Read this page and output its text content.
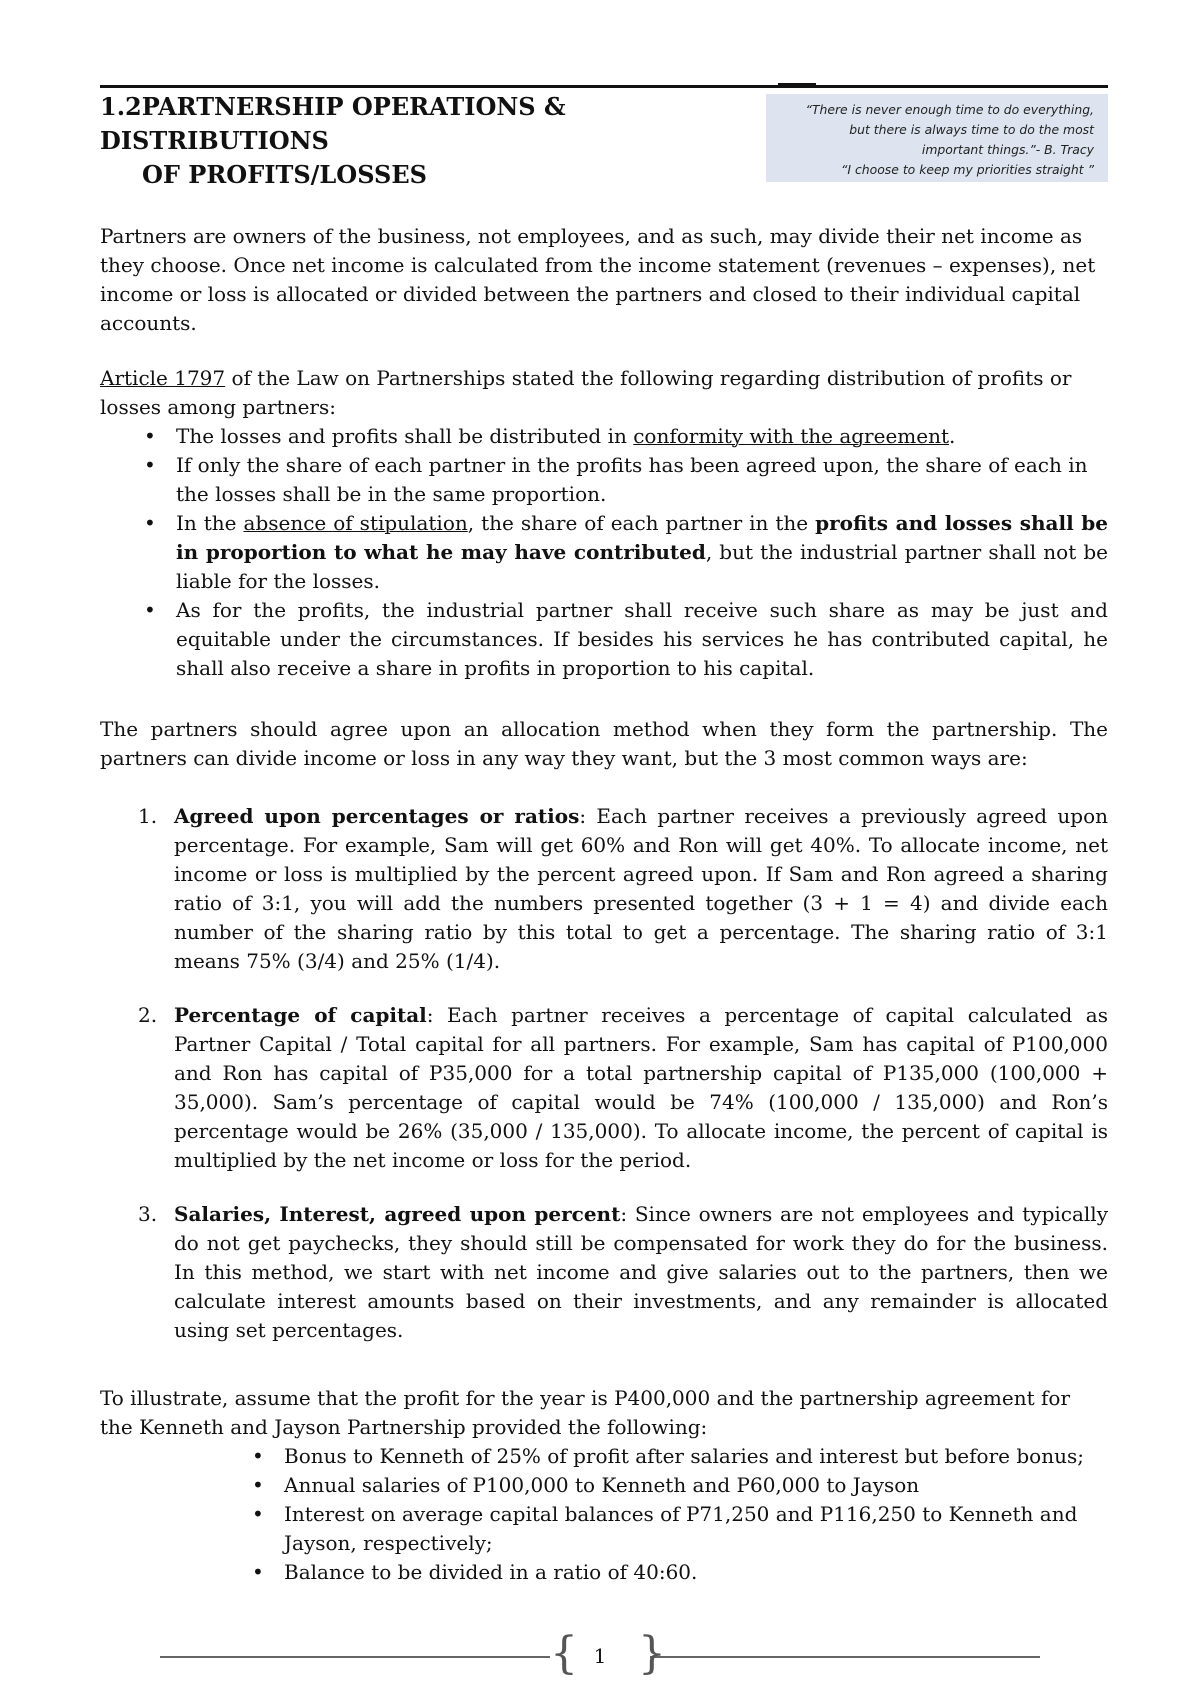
1.2PARTNERSHIP OPERATIONS & DISTRIBUTIONS
OF PROFITS/LOSSES
“There is never enough time to do everything,
but there is always time to do the most
important things.”- B. Tracy
“I choose to keep my priorities straight ”

Partners are owners of the business, not employees, and as such, may divide their net income as they choose. Once net income is calculated from the income statement (revenues – expenses), net income or loss is allocated or divided between the partners and closed to their individual capital accounts.

Article 1797 of the Law on Partnerships stated the following regarding distribution of profits or losses among partners:

• The losses and profits shall be distributed in conformity with the agreement.
• If only the share of each partner in the profits has been agreed upon, the share of each in the losses shall be in the same proportion.
• In the absence of stipulation, the share of each partner in the profits and losses shall be in proportion to what he may have contributed, but the industrial partner shall not be liable for the losses.
• As for the profits, the industrial partner shall receive such share as may be just and equitable under the circumstances. If besides his services he has contributed capital, he shall also receive a share in profits in proportion to his capital.

The partners should agree upon an allocation method when they form the partnership. The partners can divide income or loss in any way they want, but the 3 most common ways are:

1. Agreed upon percentages or ratios: Each partner receives a previously agreed upon percentage. For example, Sam will get 60% and Ron will get 40%. To allocate income, net income or loss is multiplied by the percent agreed upon. If Sam and Ron agreed a sharing ratio of 3:1, you will add the numbers presented together (3 + 1 = 4) and divide each number of the sharing ratio by this total to get a percentage. The sharing ratio of 3:1 means 75% (3/4) and 25% (1/4).
2. Percentage of capital: Each partner receives a percentage of capital calculated as Partner Capital / Total capital for all partners. For example, Sam has capital of P100,000 and Ron has capital of P35,000 for a total partnership capital of P135,000 (100,000 + 35,000). Sam’s percentage of capital would be 74% (100,000 / 135,000) and Ron’s percentage would be 26% (35,000 / 135,000). To allocate income, the percent of capital is multiplied by the net income or loss for the period.
3. Salaries, Interest, agreed upon percent: Since owners are not employees and typically do not get paychecks, they should still be compensated for work they do for the business. In this method, we start with net income and give salaries out to the partners, then we calculate interest amounts based on their investments, and any remainder is allocated using set percentages.

To illustrate, assume that the profit for the year is P400,000 and the partnership agreement for the Kenneth and Jayson Partnership provided the following:

• Bonus to Kenneth of 25% of profit after salaries and interest but before bonus;
• Annual salaries of P100,000 to Kenneth and P60,000 to Jayson
• Interest on average capital balances of P71,250 and P116,250 to Kenneth and Jayson, respectively;
• Balance to be divided in a ratio of 40:60.
{ 1 }
